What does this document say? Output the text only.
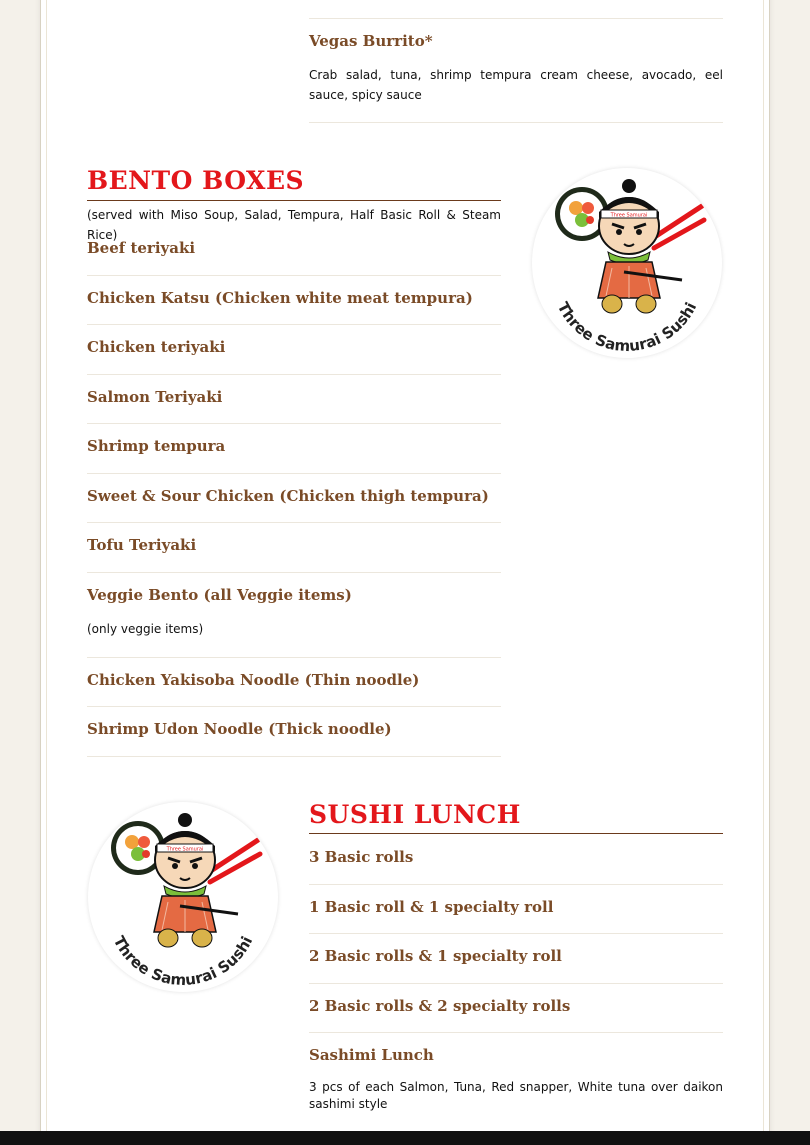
Vegas Burrito*

Crab salad, tuna, shrimp tempura cream cheese, avocado, eel sauce, spicy sauce

BENTO BOXES

(served with Miso Soup, Salad, Tempura, Half Basic Roll & Steam Rice)

Beef teriyaki

Chicken Katsu (Chicken white meat tempura)

Chicken teriyaki

Salmon Teriyaki

Shrimp tempura

Sweet & Sour Chicken (Chicken thigh tempura)

Tofu Teriyaki

Veggie Bento (all Veggie items)

(only veggie items)

Chicken Yakisoba Noodle (Thin noodle)

Shrimp Udon Noodle (Thick noodle)

Three Samurai
Three Samurai Sushi
Three Samurai
Three Samurai Sushi
SUSHI LUNCH

3 Basic rolls

1 Basic roll & 1 specialty roll

2 Basic rolls & 1 specialty roll

2 Basic rolls & 2 specialty rolls

Sashimi Lunch

3 pcs of each Salmon, Tuna, Red snapper, White tuna over daikon sashimi style
